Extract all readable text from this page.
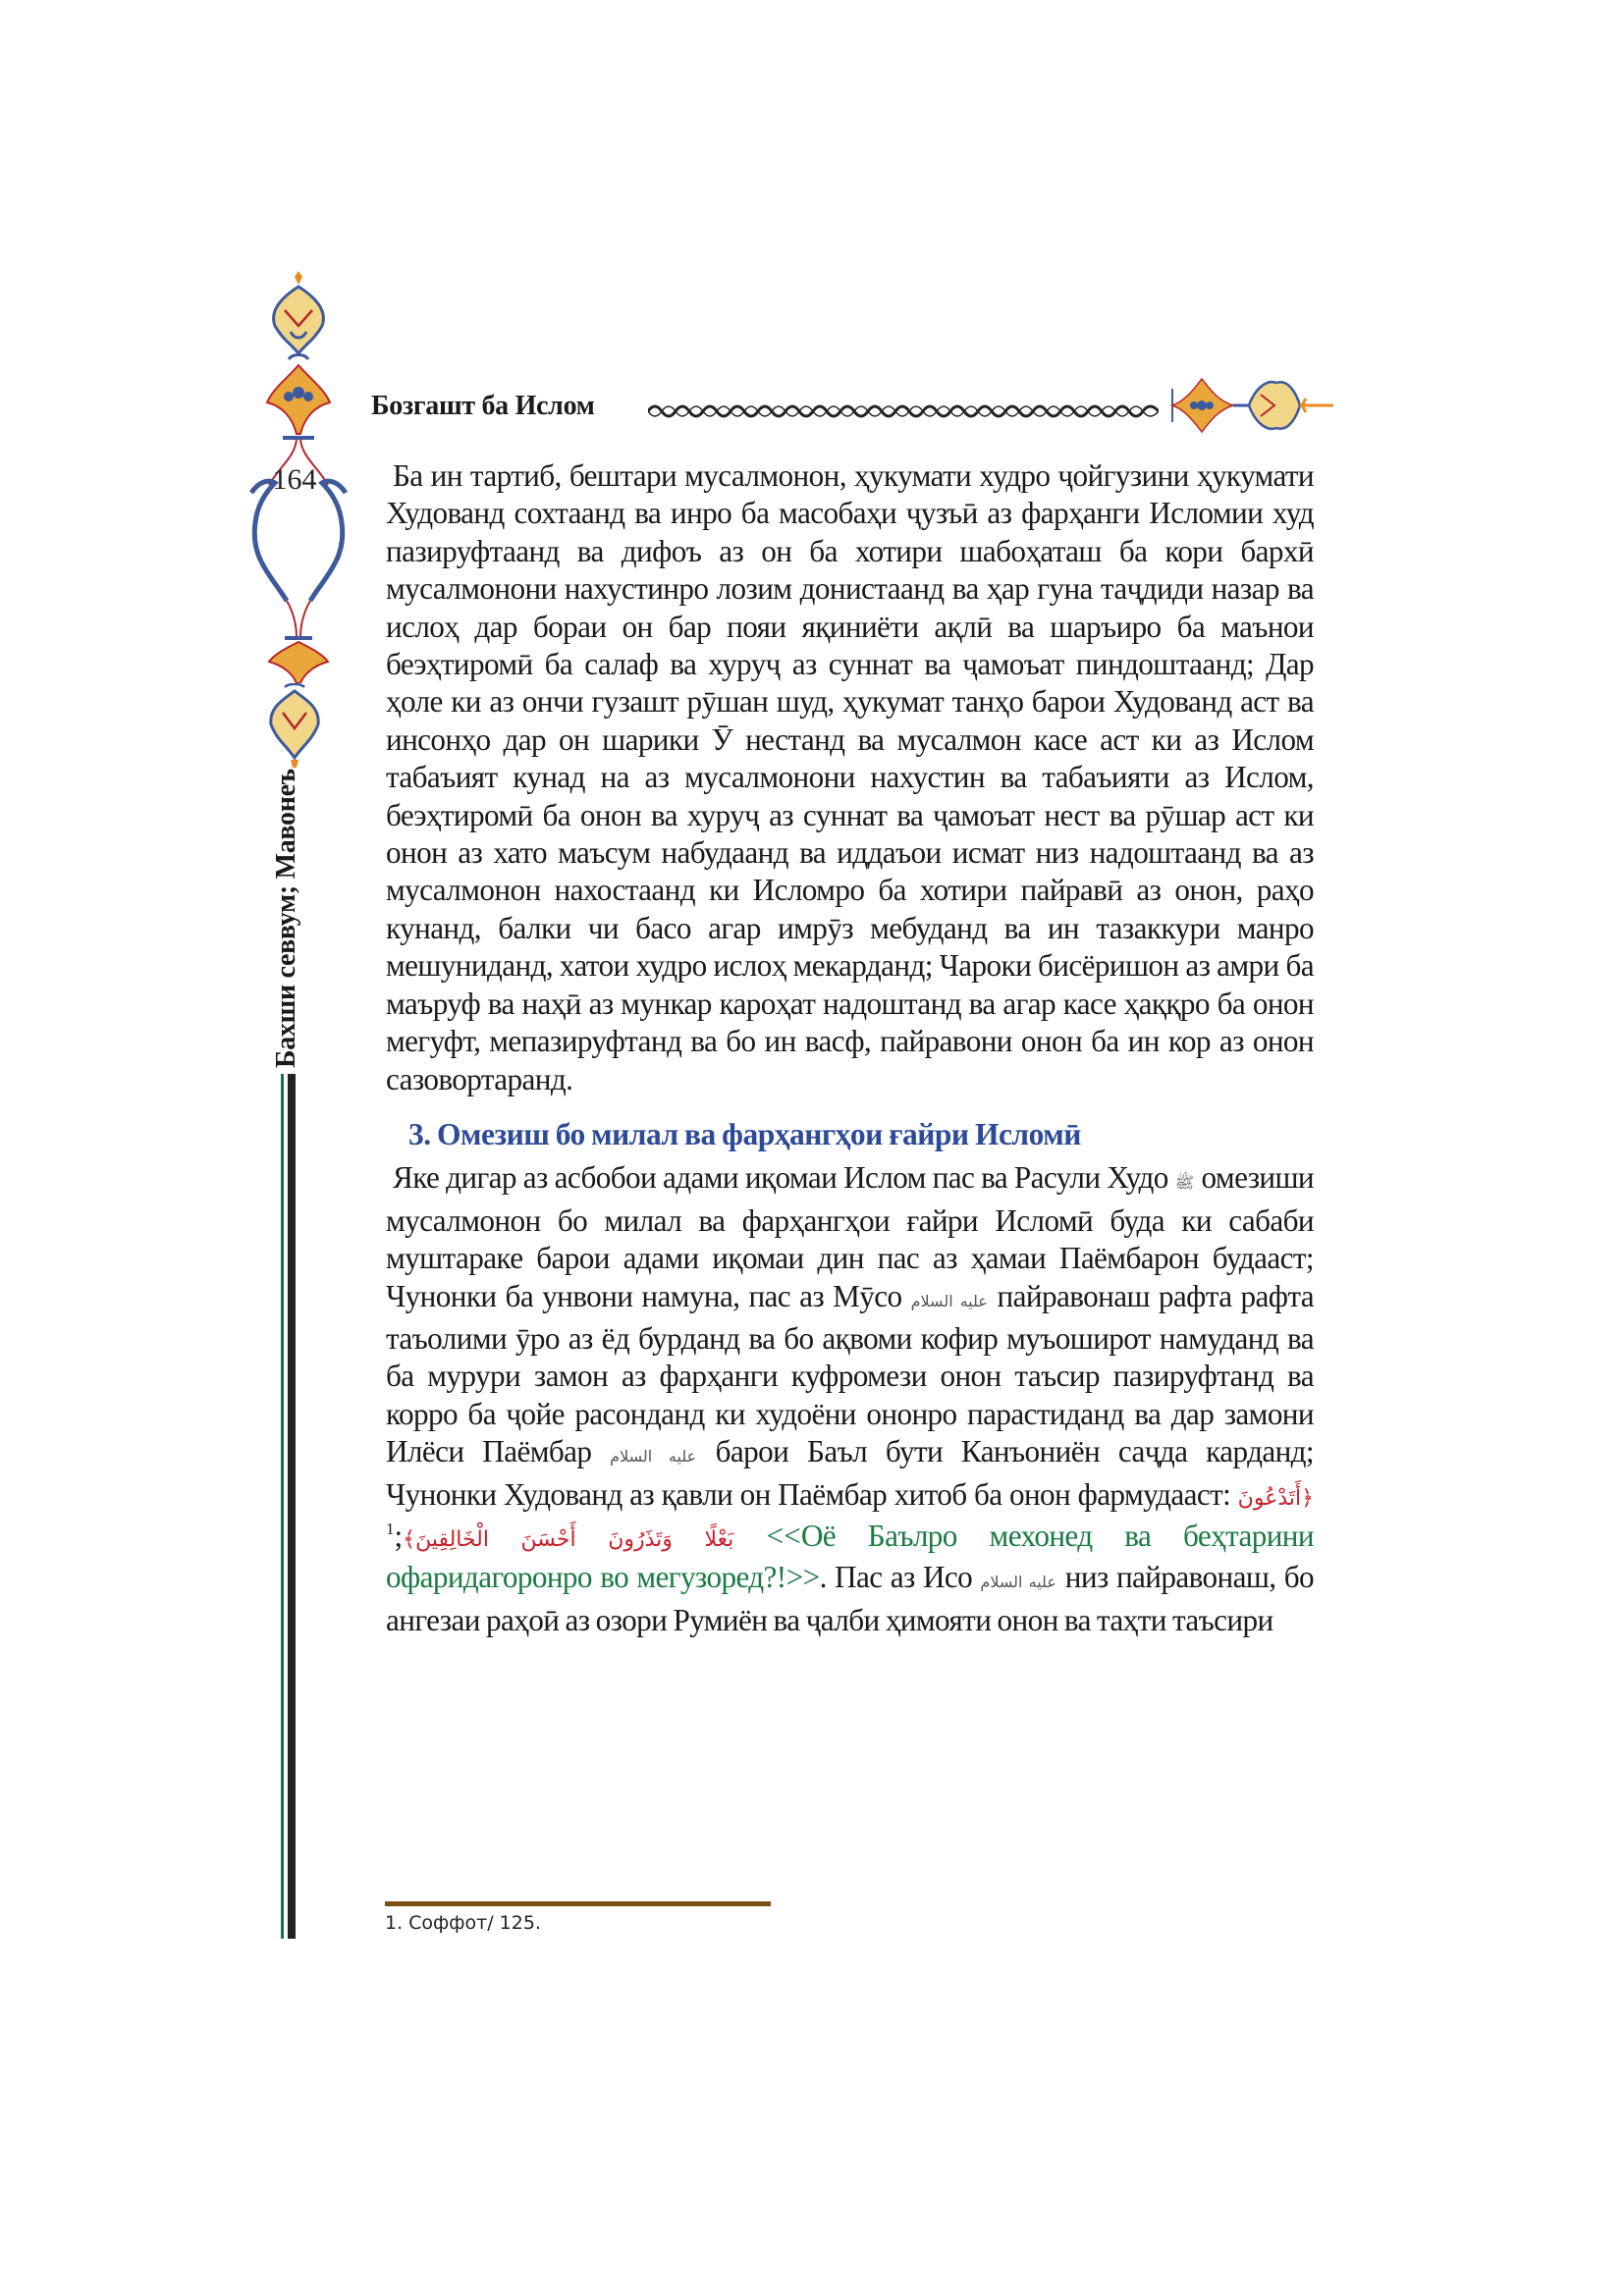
164
Бозгашт ба Ислом
Бахши севвум; Мавонеъ

Ба ин тартиб, бештари мусалмонон, ҳукумати худро ҷойгузини ҳукумати Худованд сохтаанд ва инро ба масобаҳи ҷузъӣ аз фарҳанги Исломии худ пазируфтаанд ва дифоъ аз он ба хотири шабоҳаташ ба кори бархӣ мусалмонони нахустинро лозим донистаанд ва ҳар гуна таҷдиди назар ва ислоҳ дар бораи он бар пояи яқиниёти ақлӣ ва шаръиро ба маънои беэҳтиромӣ ба салаф ва хуруҷ аз суннат ва ҷамоъат пиндоштаанд; Дар ҳоле ки аз ончи гузашт рӯшан шуд, ҳукумат танҳо барои Худованд аст ва инсонҳо дар он шарики Ӯ нестанд ва мусалмон касе аст ки аз Ислом табаъият кунад на аз мусалмонони нахустин ва табаъияти аз Ислом, беэҳтиромӣ ба онон ва хуруҷ аз суннат ва ҷамоъат нест ва рӯшар аст ки онон аз хато маъсум набудаанд ва иддаъои исмат низ надоштаанд ва аз мусалмонон нахостаанд ки Исломро ба хотири пайравӣ аз онон, раҳо кунанд, балки чи басо агар имрӯз мебуданд ва ин тазаккури манро мешуниданд, хатои худро ислоҳ мекарданд; Чароки бисёришон аз амри ба маъруф ва наҳӣ аз мункар кароҳат надоштанд ва агар касе ҳаққро ба онон мегуфт, мепазируфтанд ва бо ин васф, пайравони онон ба ин кор аз онон сазовортаранд.

3. Омезиш бо милал ва фарҳангҳои ғайри Исломӣ

Яке дигар аз асбобои адами иқомаи Ислом пас ва Расули Худо ﷺ омезиши мусалмонон бо милал ва фарҳангҳои ғайри Исломӣ буда ки сабаби муштараке барои адами иқомаи дин пас аз ҳамаи Паёмбарон будааст; Чунонки ба унвони намуна, пас аз Мӯсо عليه السلام пайравонаш рафта рафта таъолими ӯро аз ёд бурданд ва бо ақвоми кофир муъоширот намуданд ва ба мурури замон аз фарҳанги куфромези онон таъсир пазируфтанд ва корро ба ҷойе расонданд ки худоёни ононро парастиданд ва дар замони Илёси Паёмбар عليه السلام барои Баъл бути Канъониён саҷда карданд; Чунонки Худованд аз қавли он Паёмбар хитоб ба онон фармудааст: ﴿أَتَدْعُونَ بَعْلًا وَتَذَرُونَ أَحْسَنَ الْخَالِقِينَ﴾;$^1$	<<Оё Баълро мехонед ва беҳтарини офаридагоронро во мегузоред?!>>. Пас аз Исо عليه السلام низ пайравонаш, бо ангезаи раҳоӣ аз озори Румиён ва ҷалби ҳимояти онон ва таҳти таъсири

1. Соффот/ 125.
